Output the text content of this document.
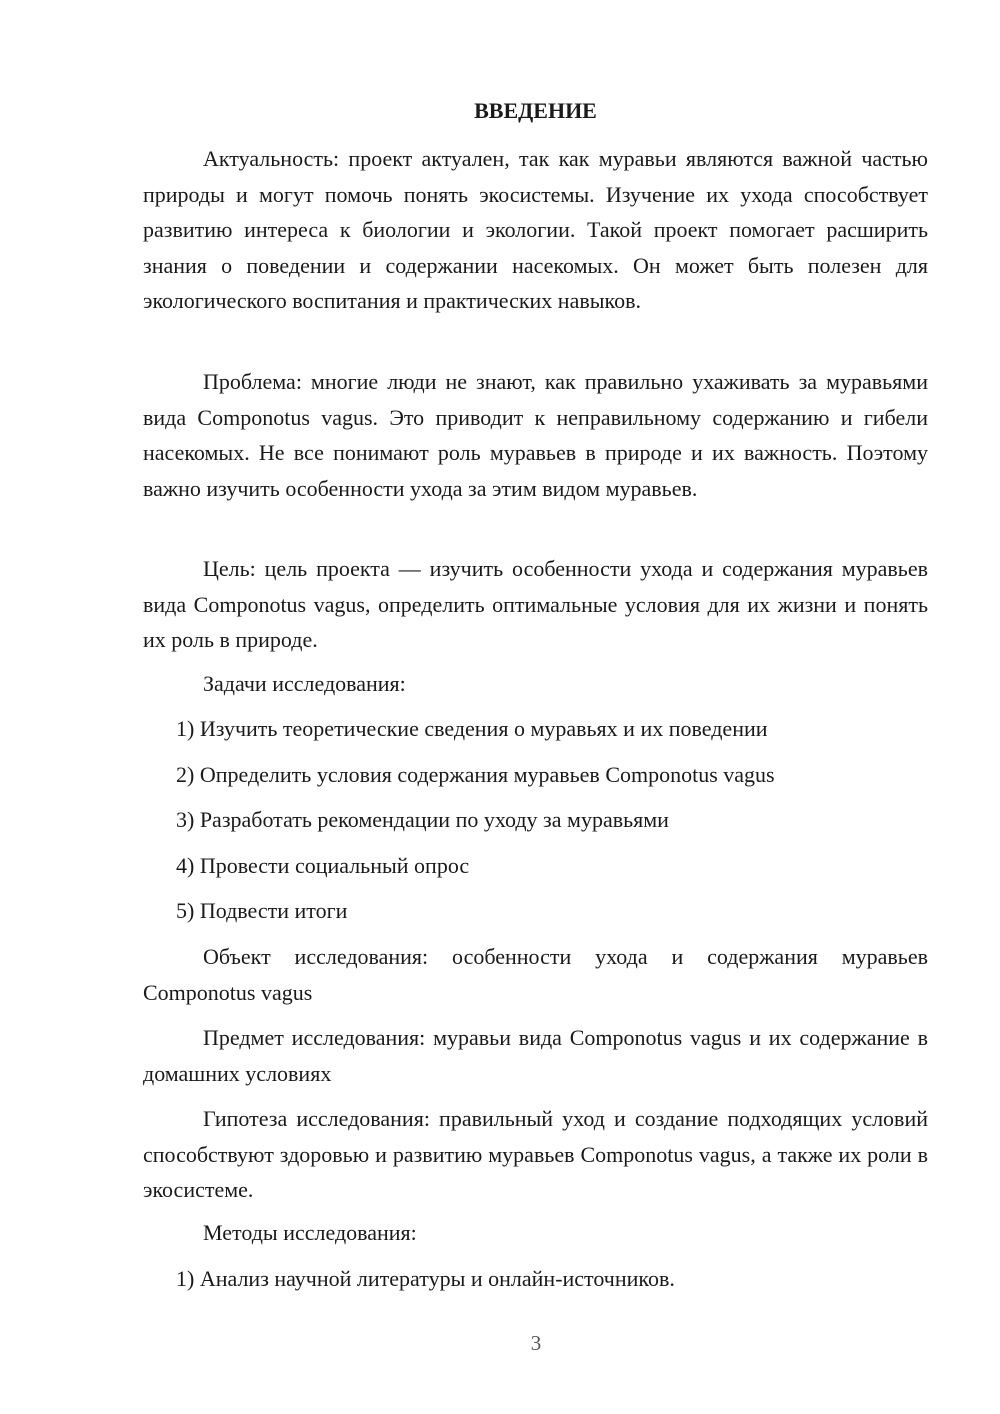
ВВЕДЕНИЕ

Актуальность: проект актуален, так как муравьи являются важной частью природы и могут помочь понять экосистемы. Изучение их ухода способствует развитию интереса к биологии и экологии. Такой проект помогает расширить знания о поведении и содержании насекомых. Он может быть полезен для экологического воспитания и практических навыков.

Проблема: многие люди не знают, как правильно ухаживать за муравьями вида Componotus vagus. Это приводит к неправильному содержанию и гибели насекомых. Не все понимают роль муравьев в природе и их важность. Поэтому важно изучить особенности ухода за этим видом муравьев.

Цель: цель проекта — изучить особенности ухода и содержания муравьев вида Componotus vagus, определить оптимальные условия для их жизни и понять их роль в природе.

Задачи исследования:
1) Изучить теоретические сведения о муравьях и их поведении
2) Определить условия содержания муравьев Componotus vagus
3) Разработать рекомендации по уходу за муравьями
4) Провести социальный опрос
5) Подвести итоги

Объект исследования: особенности ухода и содержания муравьев Componotus vagus

Предмет исследования: муравьи вида Componotus vagus и их содержание в домашних условиях

Гипотеза исследования: правильный уход и создание подходящих условий способствуют здоровью и развитию муравьев Componotus vagus, а также их роли в экосистеме.

Методы исследования:
1) Анализ научной литературы и онлайн-источников.
3
